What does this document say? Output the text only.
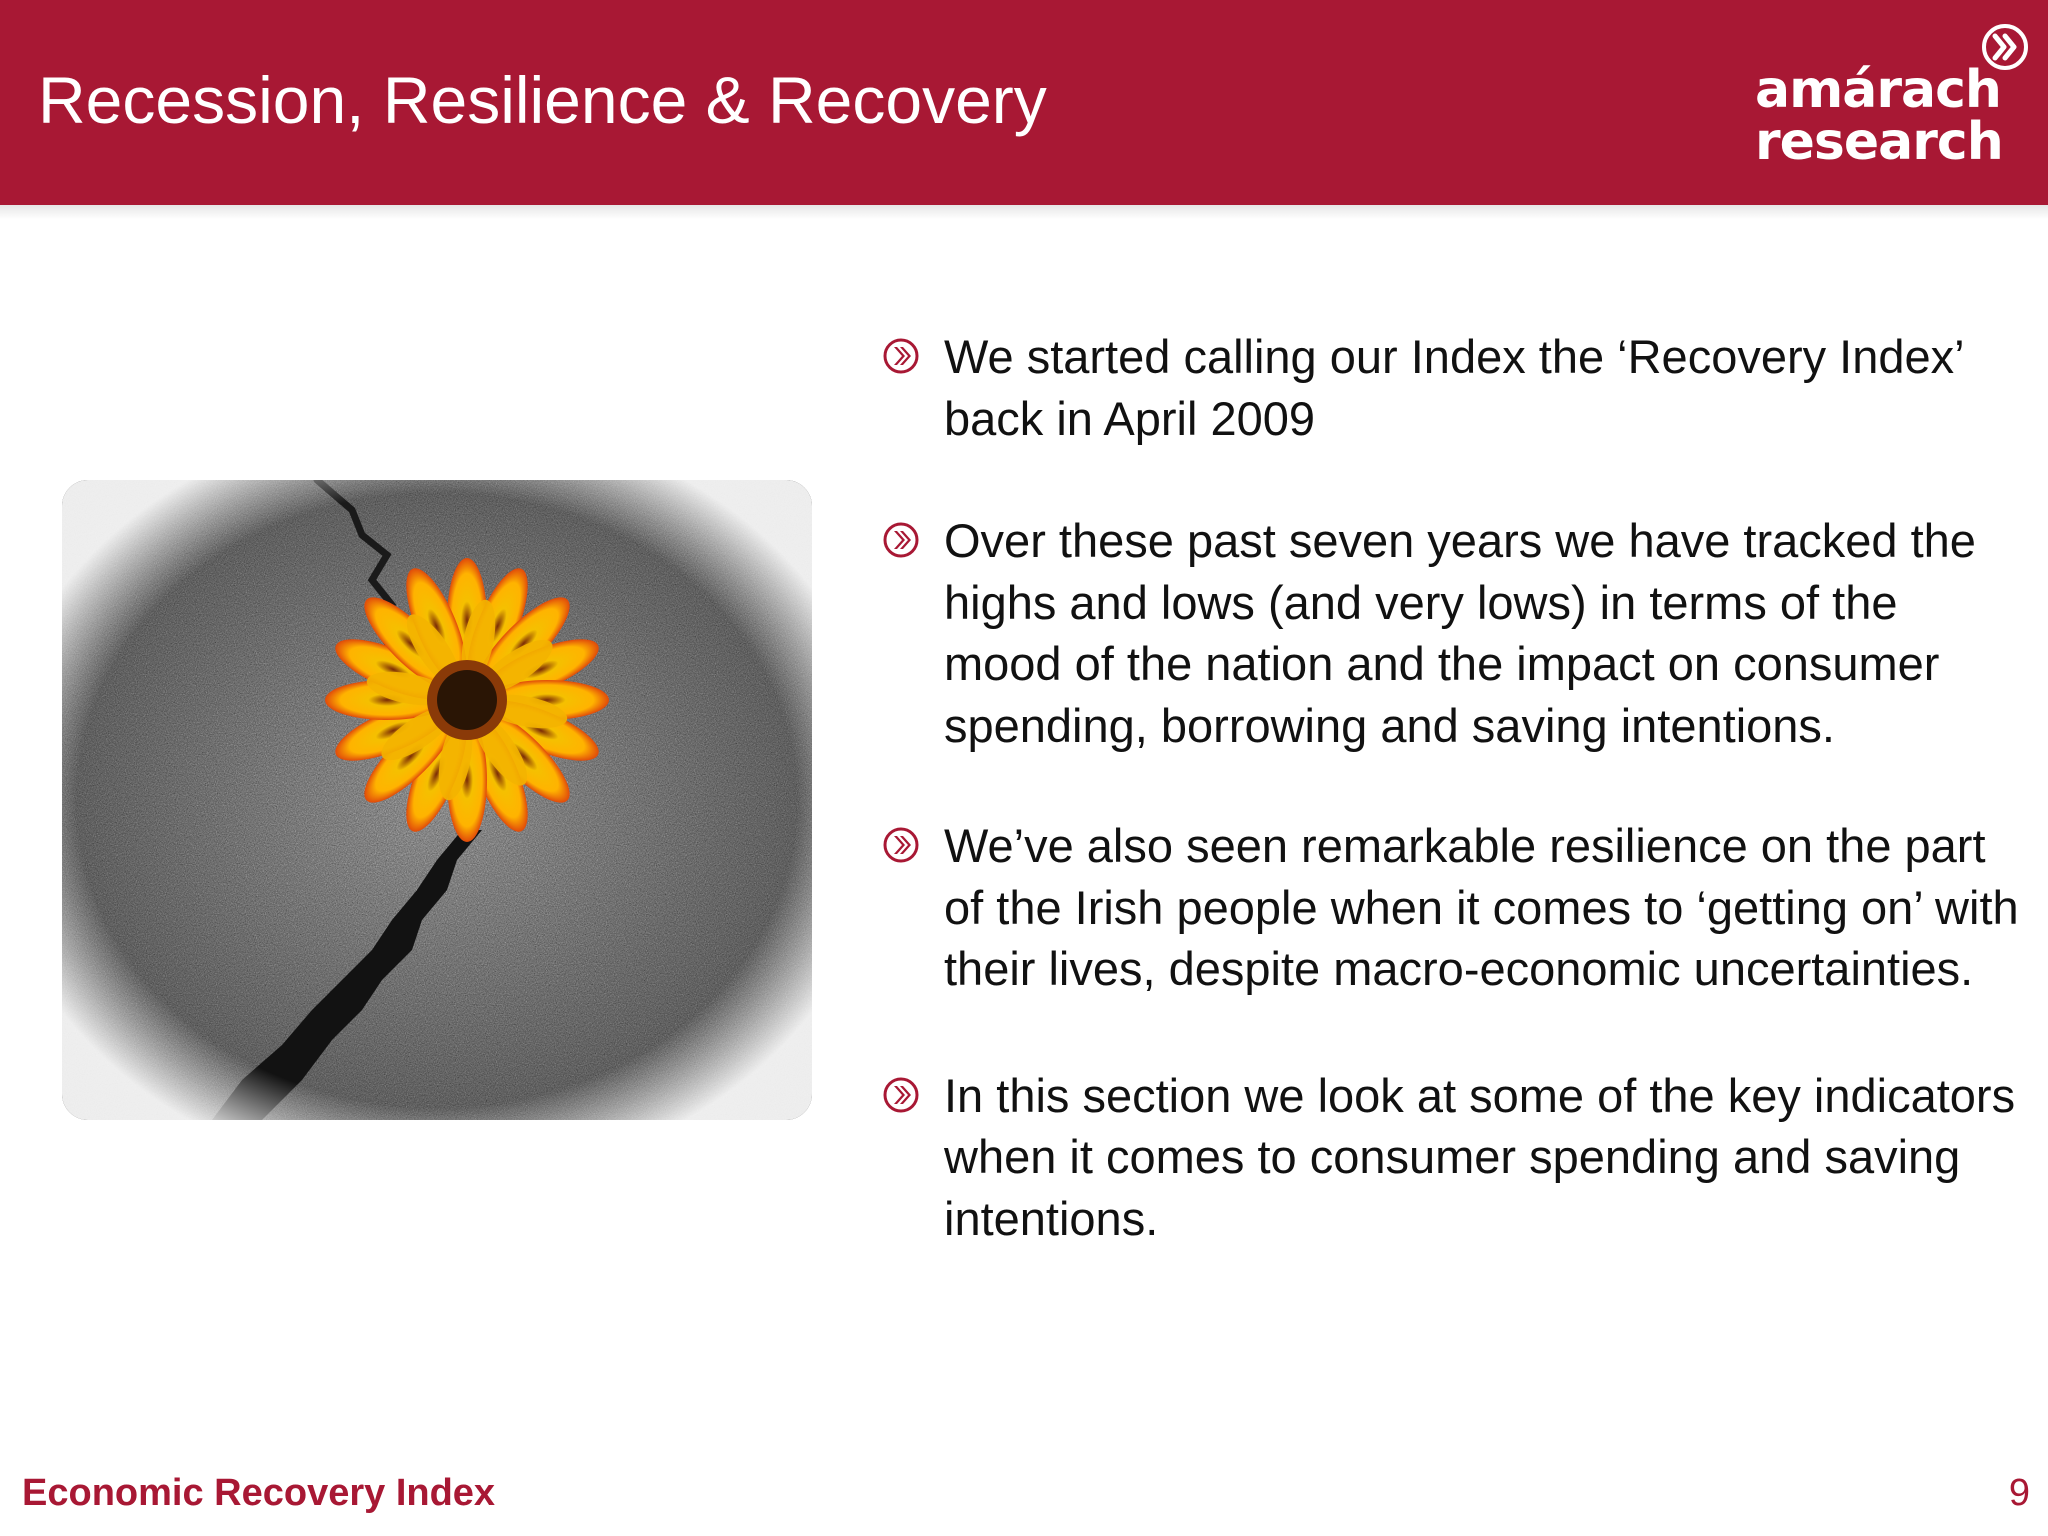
Recession, Resilience & Recovery	amárach
research
We started calling our Index the ‘Recovery Index’ back in April 2009
Over these past seven years we have tracked the highs and lows (and very lows) in terms of the mood of the nation and the impact on consumer spending, borrowing and saving intentions.
We’ve also seen remarkable resilience on the part of the Irish people when it comes to ‘getting on’ with their lives, despite macro-economic uncertainties.
In this section we look at some of the key indicators when it comes to consumer spending and saving intentions.
Economic Recovery Index	9
